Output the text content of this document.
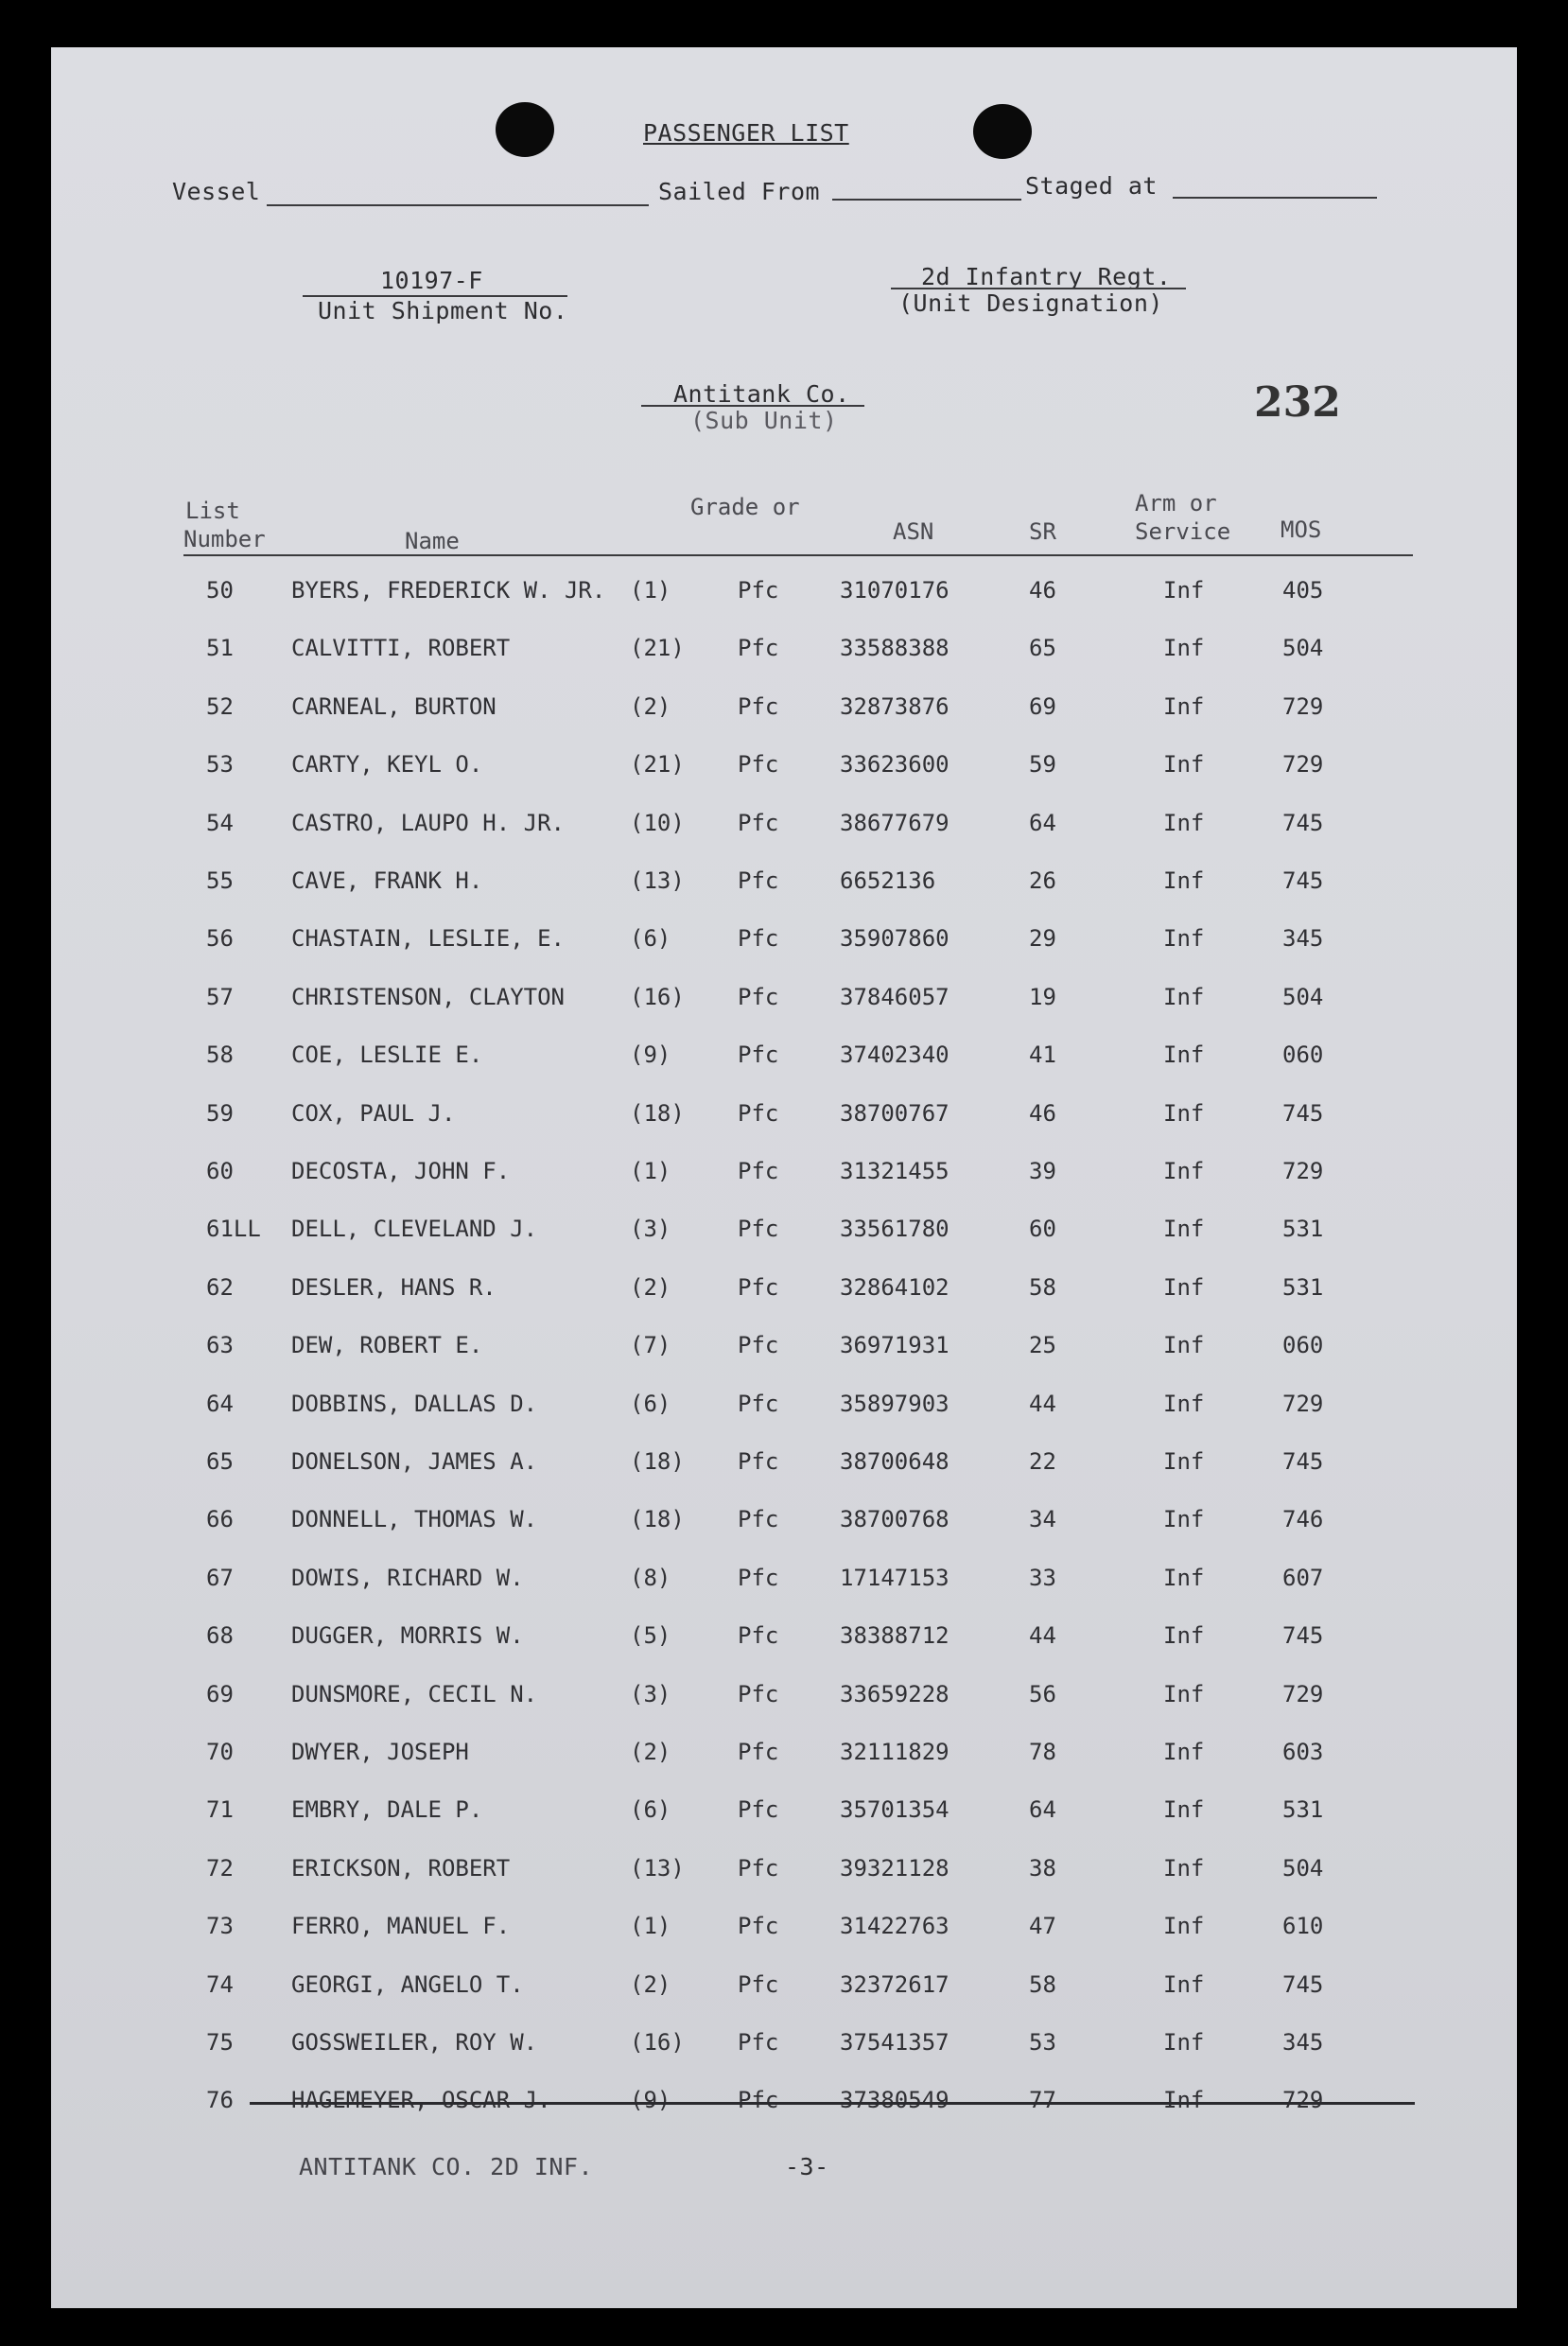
PASSENGER LIST
Vessel	Sailed From	Staged at
10197-F
Unit Shipment No.
2d Infantry Regt.
(Unit Designation)
Antitank Co.
(Sub Unit)	232
List
Number	Name
Grade or
ASN	SR
Arm or
Service MOS
50	BYERS, FREDERICK W. JR. (1)	Pfc	31070176	46	Inf	405
51	CALVITTI, ROBERT	(21) Pfc	33588388	65	Inf	504
52	CARNEAL, BURTON	(2)	Pfc	32873876	69	Inf	729
53	CARTY, KEYL O.	(21) Pfc	33623600	59	Inf	729
54	CASTRO, LAUPO H. JR.	(10) Pfc	38677679	64	Inf	745
55	CAVE, FRANK H.	(13) Pfc	6652136	26	Inf	745
56	CHASTAIN, LESLIE, E.	(6)	Pfc	35907860	29	Inf	345
57	CHRISTENSON, CLAYTON	(16) Pfc	37846057	19	Inf	504
58	COE, LESLIE E.	(9)	Pfc	37402340	41	Inf	060
59	COX, PAUL J.	(18) Pfc	38700767	46	Inf	745
60	DECOSTA, JOHN F.	(1)	Pfc	31321455	39	Inf	729
61LL DELL, CLEVELAND J.	(3)	Pfc	33561780	60	Inf	531
62	DESLER, HANS R.	(2)	Pfc	32864102	58	Inf	531
63	DEW, ROBERT E.	(7)	Pfc	36971931	25	Inf	060
64	DOBBINS, DALLAS D.	(6)	Pfc	35897903	44	Inf	729
65	DONELSON, JAMES A.	(18) Pfc	38700648	22	Inf	745
66	DONNELL, THOMAS W.	(18) Pfc	38700768	34	Inf	746
67	DOWIS, RICHARD W.	(8)	Pfc	17147153	33	Inf	607
68	DUGGER, MORRIS W.	(5)	Pfc	38388712	44	Inf	745
69	DUNSMORE, CECIL N.	(3)	Pfc	33659228	56	Inf	729
70	DWYER, JOSEPH	(2)	Pfc	32111829	78	Inf	603
71	EMBRY, DALE P.	(6)	Pfc	35701354	64	Inf	531
72	ERICKSON, ROBERT	(13) Pfc	39321128	38	Inf	504
73	FERRO, MANUEL F.	(1)	Pfc	31422763	47	Inf	610
74	GEORGI, ANGELO T.	(2)	Pfc	32372617	58	Inf	745
75	GOSSWEILER, ROY W.	(16) Pfc	37541357	53	Inf	345
76	HAGEMEYER, OSCAR J.	(9)	Pfc	37380549	77	Inf	729
ANTITANK CO. 2D INF.	-3-
